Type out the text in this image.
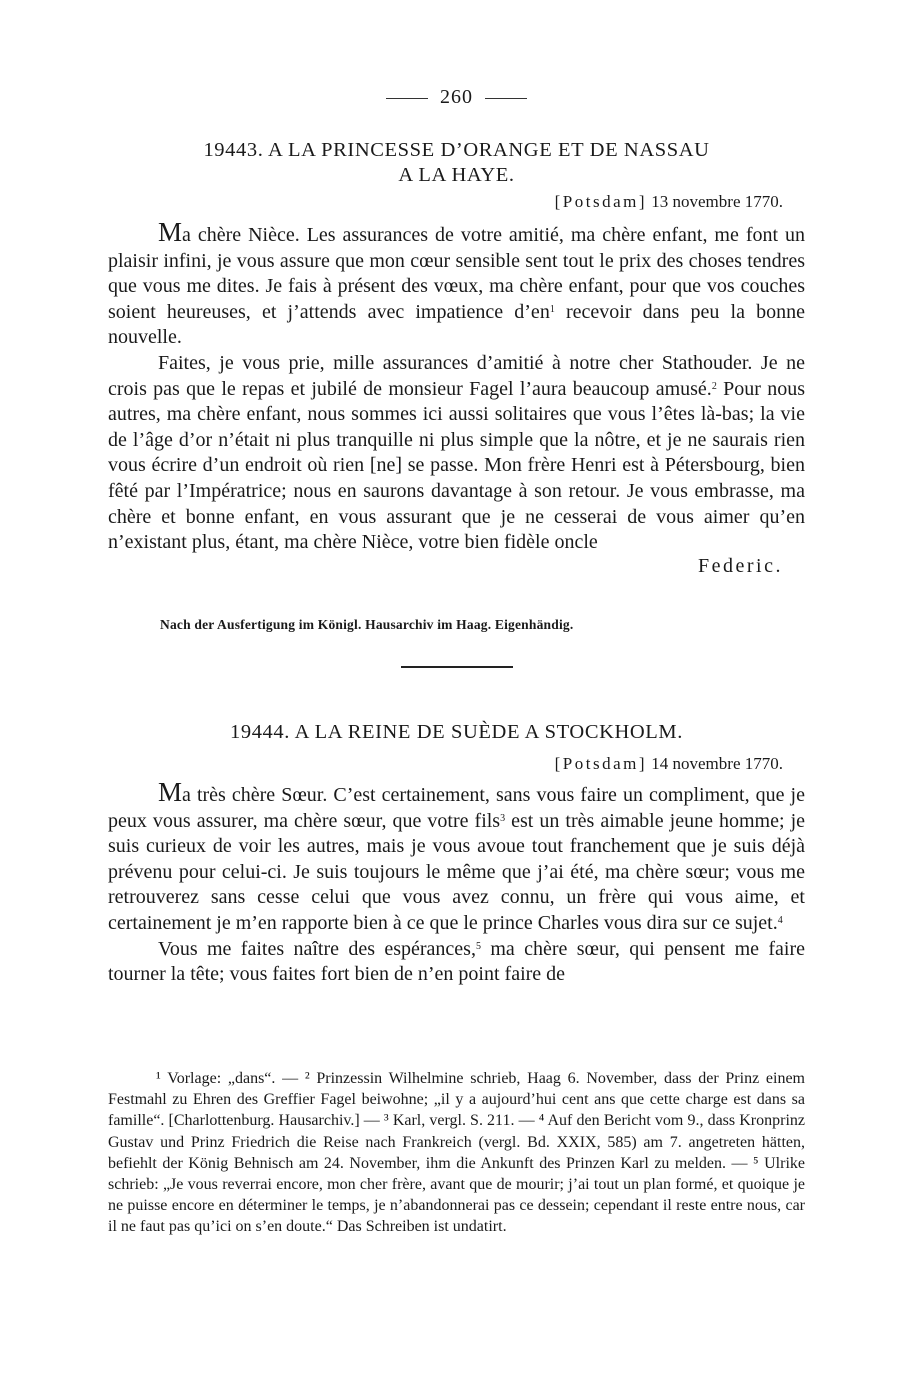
260
19443. A LA PRINCESSE D’ORANGE ET DE NASSAU
A LA HAYE.
[Potsdam] 13 novembre 1770.

Ma chère Nièce. Les assurances de votre amitié, ma chère enfant, me font un plaisir infini, je vous assure que mon cœur sensible sent tout le prix des choses tendres que vous me dites. Je fais à présent des vœux, ma chère enfant, pour que vos couches soient heureuses, et j’attends avec impatience $d’en^1$ recevoir dans peu la bonne nouvelle.

Faites, je vous prie, mille assurances d’amitié à notre cher Stathouder. Je ne crois pas que le repas et jubilé de monsieur Fagel l’aura beaucoup amusé.$^2$ Pour nous autres, ma chère enfant, nous sommes ici aussi solitaires que vous l’êtes là-bas; la vie de l’âge d’or n’était ni plus tranquille ni plus simple que la nôtre, et je ne saurais rien vous écrire d’un endroit où rien [ne] se passe. Mon frère Henri est à Pétersbourg, bien fêté par l’Impératrice; nous en saurons davantage à son retour. Je vous embrasse, ma chère et bonne enfant, en vous assurant que je ne cesserai de vous aimer qu’en n’existant plus, étant, ma chère Nièce, votre bien fidèle oncle

Federic.
Nach der Ausfertigung im Königl. Hausarchiv im Haag. Eigenhändig.
19444. A LA REINE DE SUÈDE A STOCKHOLM.
[Potsdam] 14 novembre 1770.

Ma très chère Sœur. C’est certainement, sans vous faire un compliment, que je peux vous assurer, ma chère sœur, que votre fils$^3$ est un très aimable jeune homme; je suis curieux de voir les autres, mais je vous avoue tout franchement que je suis déjà prévenu pour celui-ci. Je suis toujours le même que j’ai été, ma chère sœur; vous me retrouverez sans cesse celui que vous avez connu, un frère qui vous aime, et certainement je m’en rapporte bien à ce que le prince Charles vous dira sur ce sujet.$^4$

Vous me faites naître des espérances,$^5$ ma chère sœur, qui pensent me faire tourner la tête; vous faites fort bien de n’en point faire de

¹ Vorlage: „dans“. — ² Prinzessin Wilhelmine schrieb, Haag 6. November, dass der Prinz einem Festmahl zu Ehren des Greffier Fagel beiwohne; „il y a aujourd’hui cent ans que cette charge est dans sa famille“. [Charlottenburg. Hausarchiv.] — ³ Karl, vergl. S. 211. — ⁴ Auf den Bericht vom 9., dass Kronprinz Gustav und Prinz Friedrich die Reise nach Frankreich (vergl. Bd. XXIX, 585) am 7. angetreten hätten, befiehlt der König Behnisch am 24. November, ihm die Ankunft des Prinzen Karl zu melden. — ⁵ Ulrike schrieb: „Je vous reverrai encore, mon cher frère, avant que de mourir; j’ai tout un plan formé, et quoique je ne puisse encore en déterminer le temps, je n’abandonnerai pas ce dessein; cependant il reste entre nous, car il ne faut pas qu’ici on s’en doute.“ Das Schreiben ist undatirt.
